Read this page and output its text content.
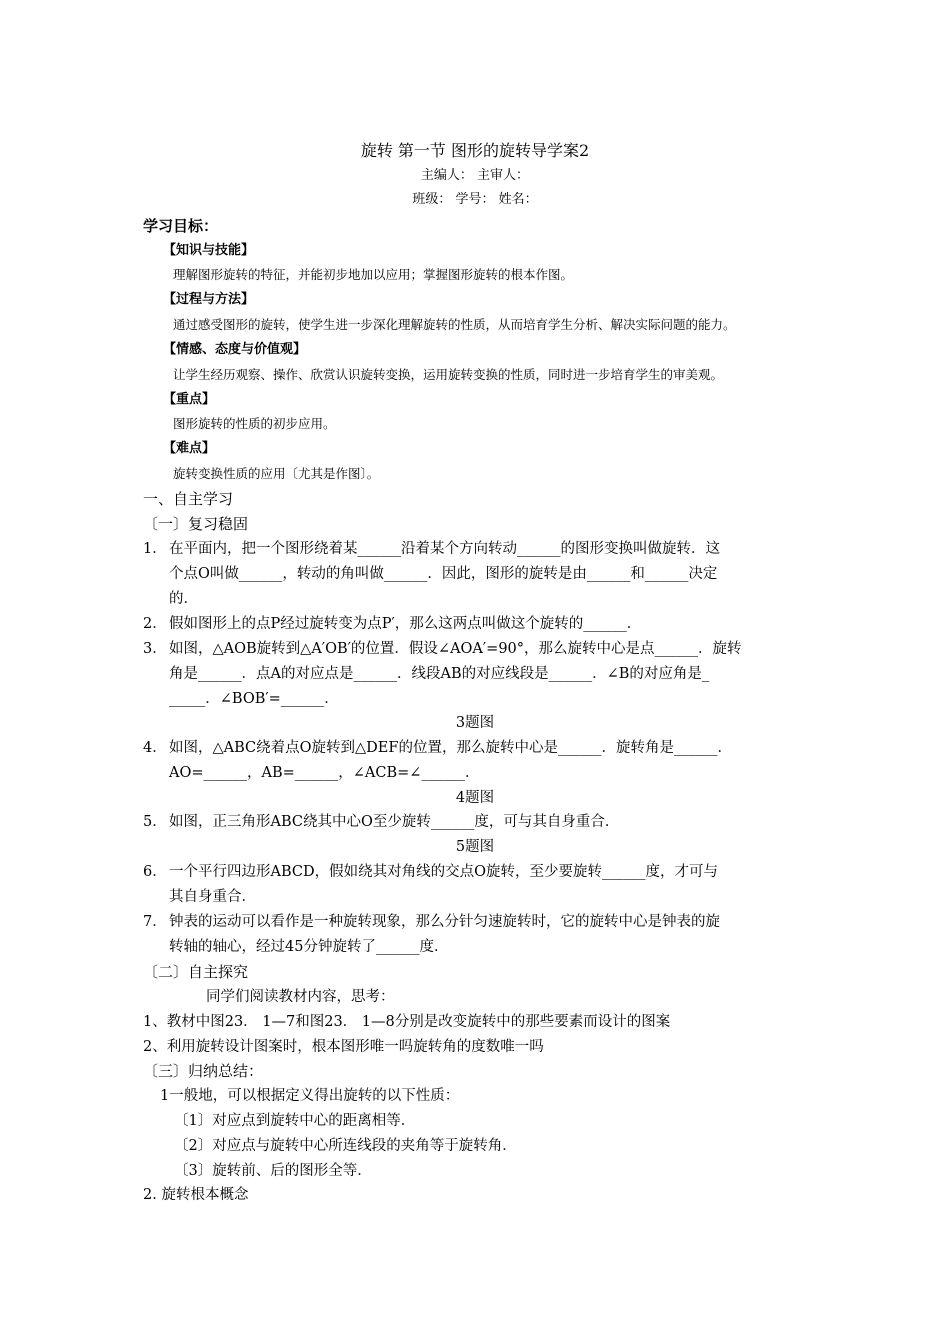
旋转 第一节 图形的旋转导学案2
主编人： 主审人：
班级： 学号： 姓名：
学习目标：
【知识与技能】
理解图形旋转的特征，并能初步地加以应用；掌握图形旋转的根本作图。
【过程与方法】
通过感受图形的旋转，使学生进一步深化理解旋转的性质，从而培育学生分析、解决实际问题的能力。
【情感、态度与价值观】
让学生经历观察、操作、欣赏认识旋转变换，运用旋转变换的性质，同时进一步培育学生的审美观。
【重点】
图形旋转的性质的初步应用。
【难点】
旋转变换性质的应用〔尤其是作图〕。
一、自主学习
〔一〕复习稳固
1． 在平面内，把一个图形绕着某______沿着某个方向转动______的图形变换叫做旋转．这
个点O叫做______，转动的角叫做______．因此，图形的旋转是由______和______决定
的．
2． 假如图形上的点P经过旋转变为点P′，那么这两点叫做这个旋转的______．
3． 如图，△AOB旋转到△A′OB′的位置．假设∠AOA′=90°，那么旋转中心是点______．旋转
角是______．点A的对应点是______．线段AB的对应线段是______．∠B的对应角是_
_____．∠BOB′=______．
3题图
4． 如图，△ABC绕着点O旋转到△DEF的位置，那么旋转中心是______．旋转角是______．
AO=______，AB=______，∠ACB=∠______．
4题图
5． 如图，正三角形ABC绕其中心O至少旋转______度，可与其自身重合．
5题图
6． 一个平行四边形ABCD，假如绕其对角线的交点O旋转，至少要旋转______度，才可与
其自身重合．
7． 钟表的运动可以看作是一种旋转现象，那么分针匀速旋转时，它的旋转中心是钟表的旋
转轴的轴心，经过45分钟旋转了______度．
〔二〕自主探究
同学们阅读教材内容，思考：
1、教材中图23． 1—7和图23． 1—8分别是改变旋转中的那些要素而设计的图案
2、利用旋转设计图案时，根本图形唯一吗旋转角的度数唯一吗
〔三〕归纳总结：
1一般地，可以根据定义得出旋转的以下性质：
〔1〕对应点到旋转中心的距离相等．
〔2〕对应点与旋转中心所连线段的夹角等于旋转角．
〔3〕旋转前、后的图形全等．
2. 旋转根本概念
